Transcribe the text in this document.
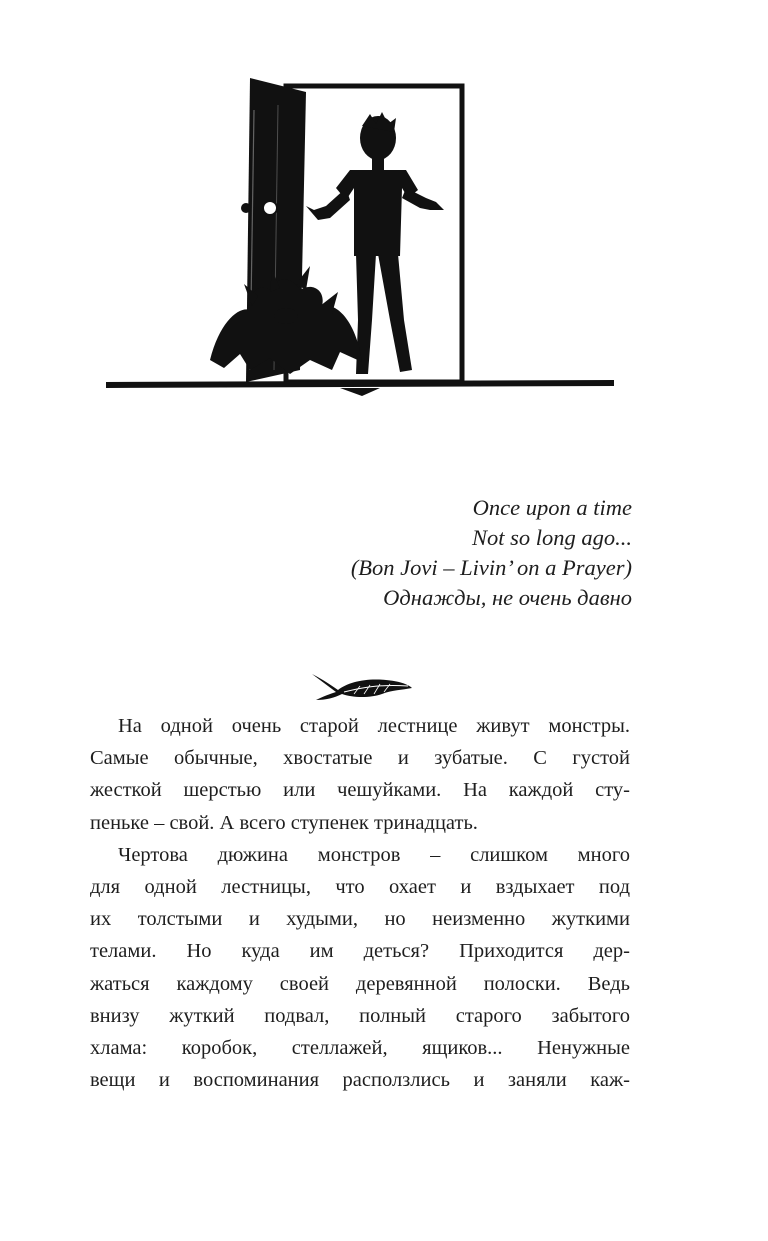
Once upon a time
Not so long ago...
(Bon Jovi – Livin’ on a Prayer)
Однажды, не очень давно
На одной очень старой лестнице живут монстры.
Самые обычные, хвостатые и зубатые. С густой
жесткой шерстью или чешуйками. На каждой сту-
пеньке – свой. А всего ступенек тринадцать.
Чертова дюжина монстров – слишком много
для одной лестницы, что охает и вздыхает под
их толстыми и худыми, но неизменно жуткими
телами. Но куда им деться? Приходится дер-
жаться каждому своей деревянной полоски. Ведь
внизу жуткий подвал, полный старого забытого
хлама: коробок, стеллажей, ящиков... Ненужные
вещи и воспоминания расползлись и заняли каж-
